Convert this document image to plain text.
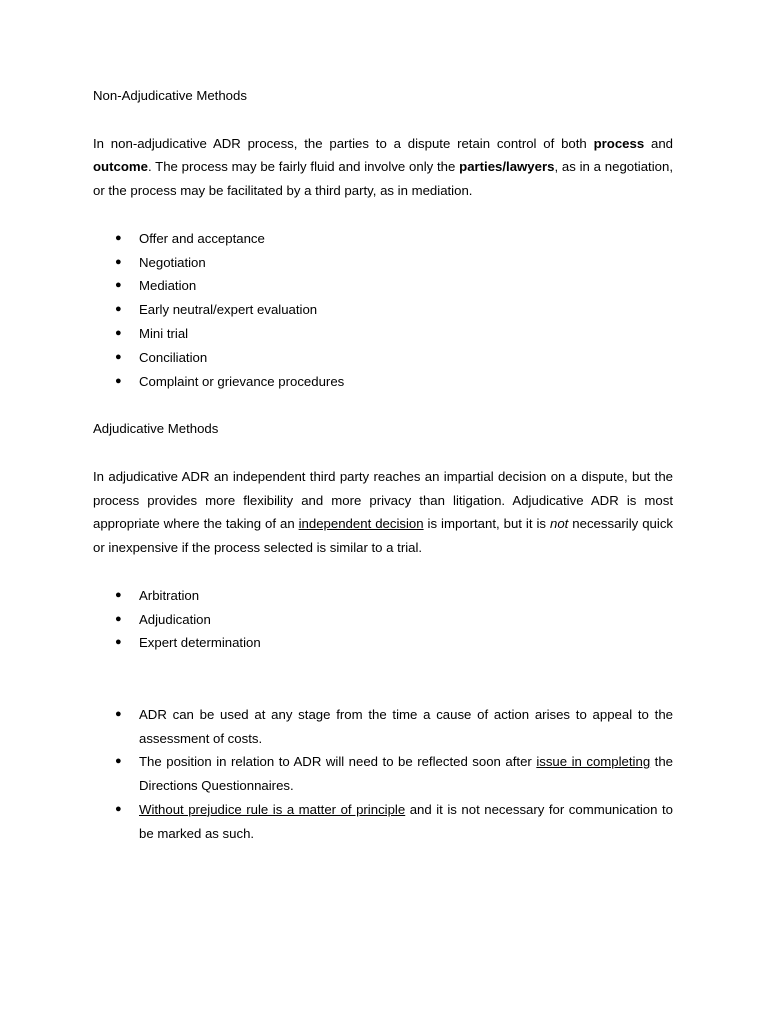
Non-Adjudicative Methods

In non-adjudicative ADR process, the parties to a dispute retain control of both process and outcome. The process may be fairly fluid and involve only the parties/lawyers, as in a negotiation, or the process may be facilitated by a third party, as in mediation.

● Offer and acceptance
● Negotiation
● Mediation
● Early neutral/expert evaluation
● Mini trial
● Conciliation
● Complaint or grievance procedures

Adjudicative Methods

In adjudicative ADR an independent third party reaches an impartial decision on a dispute, but the process provides more flexibility and more privacy than litigation. Adjudicative ADR is most appropriate where the taking of an independent decision is important, but it is not necessarily quick or inexpensive if the process selected is similar to a trial.

● Arbitration
● Adjudication
● Expert determination
● ADR can be used at any stage from the time a cause of action arises to appeal to the assessment of costs.
● The position in relation to ADR will need to be reflected soon after issue in completing the Directions Questionnaires.
● Without prejudice rule is a matter of principle and it is not necessary for communication to be marked as such.
